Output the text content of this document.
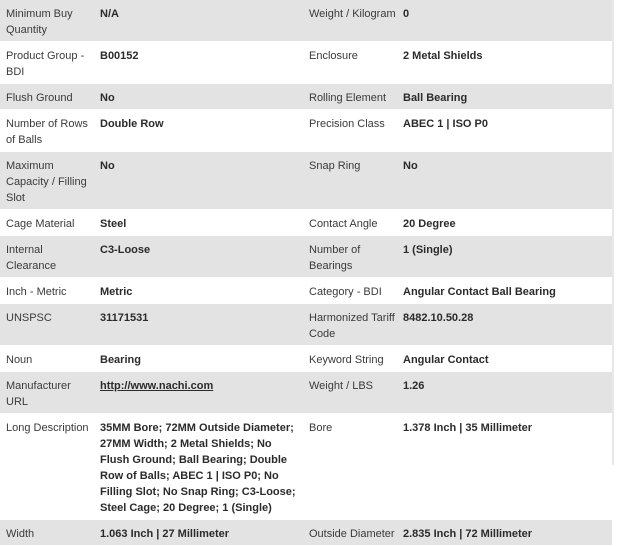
Minimum Buy Quantity	N/A	Weight / Kilogram	0
Product Group - BDI	B00152	Enclosure	2 Metal Shields
Flush Ground	No	Rolling Element	Ball Bearing
Number of Rows of Balls	Double Row	Precision Class	ABEC 1 | ISO P0
Maximum Capacity / Filling Slot	No	Snap Ring	No
Cage Material	Steel	Contact Angle	20 Degree
Internal Clearance	C3-Loose	Number of Bearings	1 (Single)
Inch - Metric	Metric	Category - BDI	Angular Contact Ball Bearing
UNSPSC	31171531	Harmonized Tariff Code	8482.10.50.28
Noun	Bearing	Keyword String	Angular Contact
Manufacturer URL	http://www.nachi.com	Weight / LBS	1.26
Long Description	35MM Bore; 72MM Outside Diameter; 27MM Width; 2 Metal Shields; No Flush Ground; Ball Bearing; Double Row of Balls; ABEC 1 | ISO P0; No Filling Slot; No Snap Ring; C3-Loose; Steel Cage; 20 Degree; 1 (Single)	Bore	1.378 Inch | 35 Millimeter
Width	1.063 Inch | 27 Millimeter	Outside Diameter	2.835 Inch | 72 Millimeter
